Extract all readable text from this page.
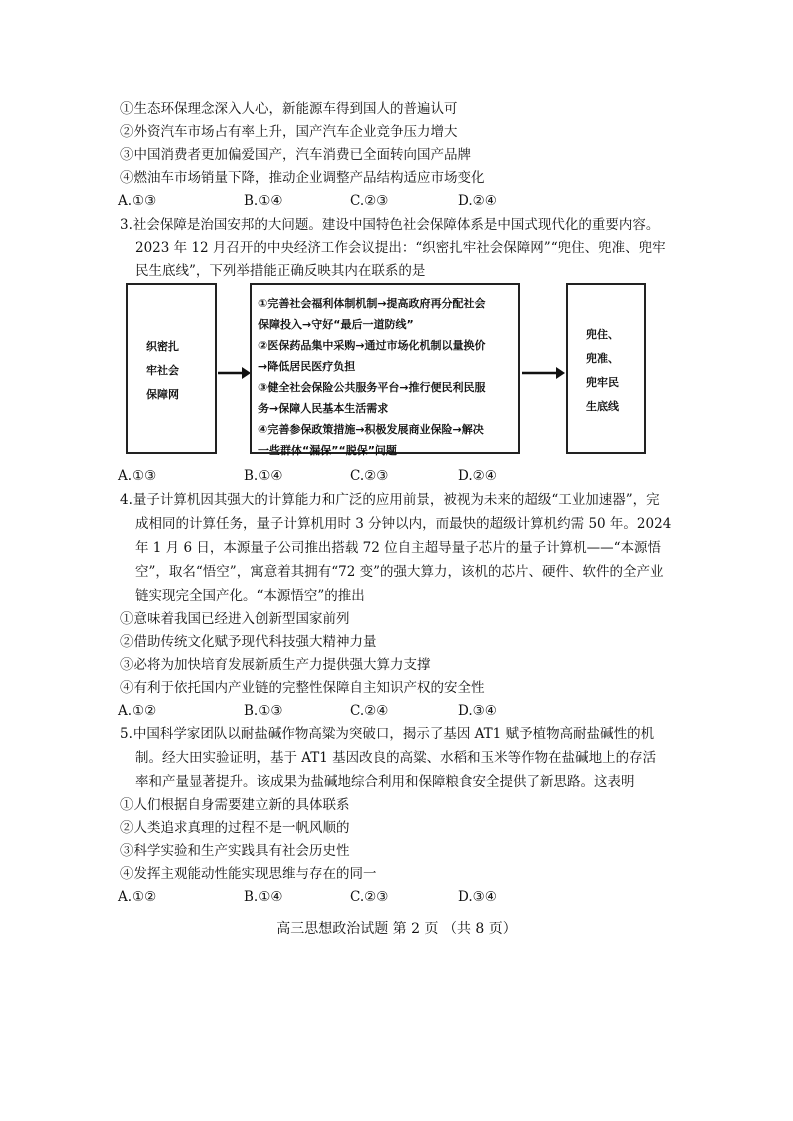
①生态环保理念深入人心，新能源车得到国人的普遍认可
②外资汽车市场占有率上升，国产汽车企业竞争压力增大
③中国消费者更加偏爱国产，汽车消费已全面转向国产品牌
④燃油车市场销量下降，推动企业调整产品结构适应市场变化
A.①③	B.①④	C.②③	D.②④
3.社会保障是治国安邦的大问题。建设中国特色社会保障体系是中国式现代化的重要内容。
2023 年 12 月召开的中央经济工作会议提出：“织密扎牢社会保障网”“兜住、兜准、兜牢
民生底线”，下列举措能正确反映其内在联系的是
织密扎
牢社会
保障网
①完善社会福利体制机制→提高政府再分配社会
保障投入→守好“最后一道防线”
②医保药品集中采购→通过市场化机制以量换价
→降低居民医疗负担
③健全社会保险公共服务平台→推行便民利民服
务→保障人民基本生活需求
④完善参保政策措施→积极发展商业保险→解决
一些群体“漏保”“脱保”问题
兜住、
兜准、
兜牢民
生底线
A.①③	B.①④	C.②③	D.②④
4.量子计算机因其强大的计算能力和广泛的应用前景，被视为未来的超级“工业加速器”，完
成相同的计算任务，量子计算机用时 3 分钟以内，而最快的超级计算机约需 50 年。2024
年 1 月 6 日，本源量子公司推出搭载 72 位自主超导量子芯片的量子计算机——“本源悟
空”，取名“悟空”，寓意着其拥有“72 变”的强大算力，该机的芯片、硬件、软件的全产业
链实现完全国产化。“本源悟空”的推出
①意味着我国已经进入创新型国家前列
②借助传统文化赋予现代科技强大精神力量
③必将为加快培育发展新质生产力提供强大算力支撑
④有利于依托国内产业链的完整性保障自主知识产权的安全性
A.①②	B.①③	C.②④	D.③④
5.中国科学家团队以耐盐碱作物高粱为突破口，揭示了基因 AT1 赋予植物高耐盐碱性的机
制。经大田实验证明，基于 AT1 基因改良的高粱、水稻和玉米等作物在盐碱地上的存活
率和产量显著提升。该成果为盐碱地综合利用和保障粮食安全提供了新思路。这表明
①人们根据自身需要建立新的具体联系
②人类追求真理的过程不是一帆风顺的
③科学实验和生产实践具有社会历史性
④发挥主观能动性能实现思维与存在的同一
A.①②	B.①④	C.②③	D.③④
高三思想政治试题 第 2 页 （共 8 页）
